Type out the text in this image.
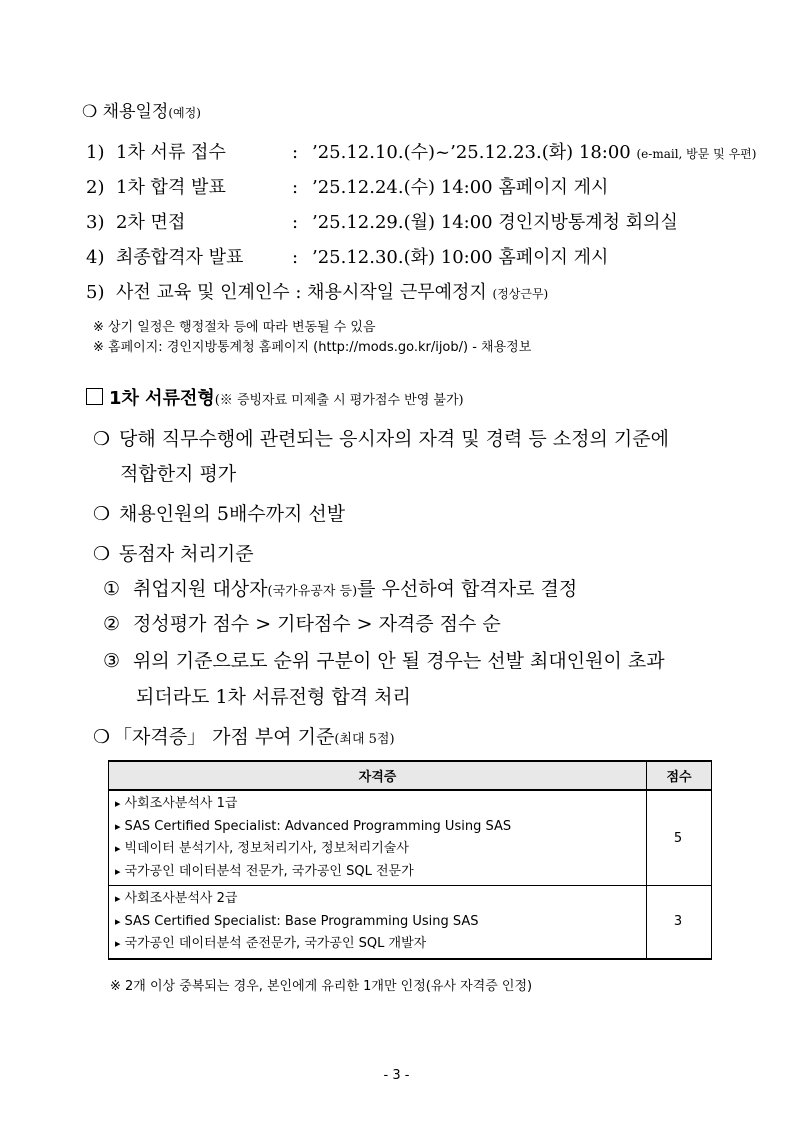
❍ 채용일정(예정)
1) 1차 서류 접수	: ’25.12.10.(수)~’25.12.23.(화) 18:00 (e-mail, 방문 및 우편)
2) 1차 합격 발표	: ’25.12.24.(수) 14:00 홈페이지 게시
3) 2차 면접	: ’25.12.29.(월) 14:00 경인지방통계청 회의실
4) 최종합격자 발표	: ’25.12.30.(화) 10:00 홈페이지 게시
5) 사전 교육 및 인계인수 : 채용시작일 근무예정지 (정상근무)
※ 상기 일정은 행정절차 등에 따라 변동될 수 있음
※ 홈페이지: 경인지방통계청 홈페이지 (http://mods.go.kr/ijob/) - 채용정보
1차 서류전형(※ 증빙자료 미제출 시 평가점수 반영 불가)
❍ 당해 직무수행에 관련되는 응시자의 자격 및 경력 등 소정의 기준에
적합한지 평가
❍ 채용인원의 5배수까지 선발
❍ 동점자 처리기준
① 취업지원 대상자(국가유공자 등)를 우선하여 합격자로 결정
② 정성평가 점수 > 기타점수 > 자격증 점수 순
③ 위의 기준으로도 순위 구분이 안 될 경우는 선발 최대인원이 초과
되더라도 1차 서류전형 합격 처리
❍ 「자격증」 가점 부여 기준(최대 5점)
자격증	점수

▸ 사회조사분석사 1급
▸ SAS Certified Specialist: Advanced Programming Using SAS
▸ 빅데이터 분석기사, 정보처리기사, 정보처리기술사
▸ 국가공인 데이터분석 전문가, 국가공인 SQL 전문가	5

▸ 사회조사분석사 2급
▸ SAS Certified Specialist: Base Programming Using SAS
▸ 국가공인 데이터분석 준전문가, 국가공인 SQL 개발자	3
※ 2개 이상 중복되는 경우, 본인에게 유리한 1개만 인정(유사 자격증 인정)
- 3 -
